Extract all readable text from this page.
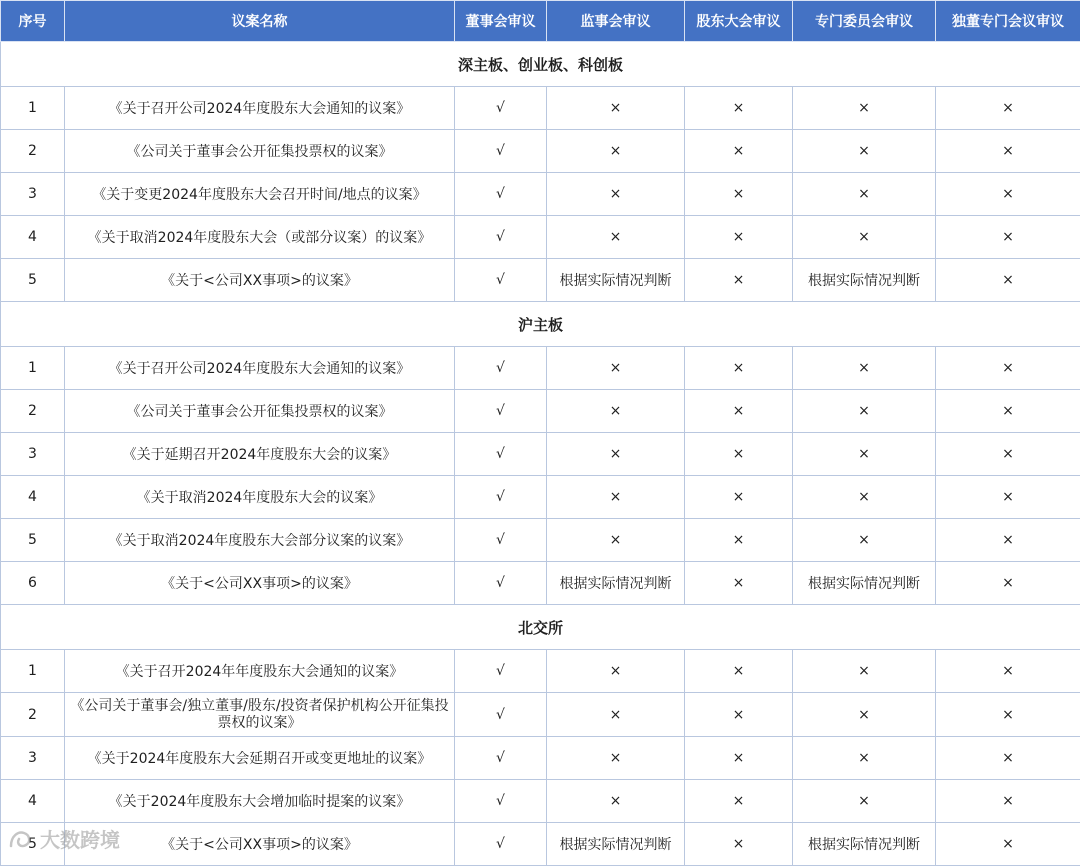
序号	议案名称	董事会审议	监事会审议	股东大会审议	专门委员会审议	独董专门会议审议
深主板、创业板、科创板						
1	《关于召开公司2024年度股东大会通知的议案》	√	×	×	×	×
2	《公司关于董事会公开征集投票权的议案》	√	×	×	×	×
3	《关于变更2024年度股东大会召开时间/地点的议案》	√	×	×	×	×
4	《关于取消2024年度股东大会（或部分议案）的议案》	√	×	×	×	×
5	《关于<公司XX事项>的议案》	√	根据实际情况判断	×	根据实际情况判断	×
沪主板						
1	《关于召开公司2024年度股东大会通知的议案》	√	×	×	×	×
2	《公司关于董事会公开征集投票权的议案》	√	×	×	×	×
3	《关于延期召开2024年度股东大会的议案》	√	×	×	×	×
4	《关于取消2024年度股东大会的议案》	√	×	×	×	×
5	《关于取消2024年度股东大会部分议案的议案》	√	×	×	×	×
6	《关于<公司XX事项>的议案》	√	根据实际情况判断	×	根据实际情况判断	×
北交所						
1	《关于召开2024年年度股东大会通知的议案》	√	×	×	×	×
2	《公司关于董事会/独立董事/股东/投资者保护机构公开征集投票权的议案》	√	×	×	×	×
3	《关于2024年度股东大会延期召开或变更地址的议案》	√	×	×	×	×
4	《关于2024年度股东大会增加临时提案的议案》	√	×	×	×	×
5	《关于<公司XX事项>的议案》	√	根据实际情况判断	×	根据实际情况判断	×
大数跨境
